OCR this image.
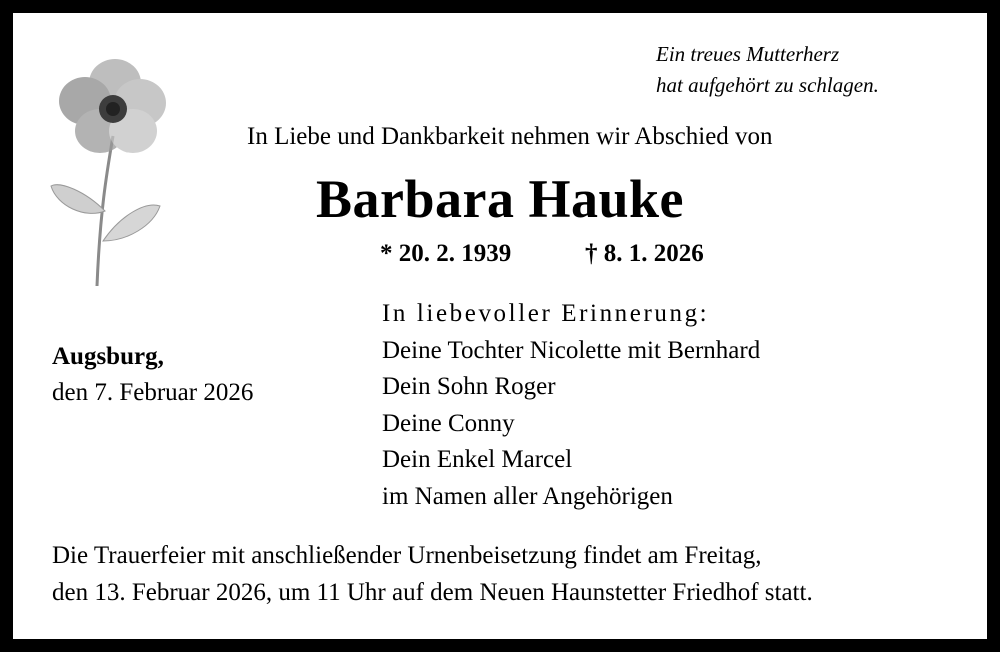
Ein treues Mutterherz
hat aufgehört zu schlagen.
In Liebe und Dankbarkeit nehmen wir Abschied von
Barbara Hauke
* 20. 2. 1939	† 8. 1. 2026
In liebevoller Erinnerung:
Deine Tochter Nicolette mit Bernhard
Dein Sohn Roger
Deine Conny
Dein Enkel Marcel
im Namen aller Angehörigen
Augsburg,
den 7. Februar 2026
Die Trauerfeier mit anschließender Urnenbeisetzung findet am Freitag,
den 13. Februar 2026, um 11 Uhr auf dem Neuen Haunstetter Friedhof statt.
